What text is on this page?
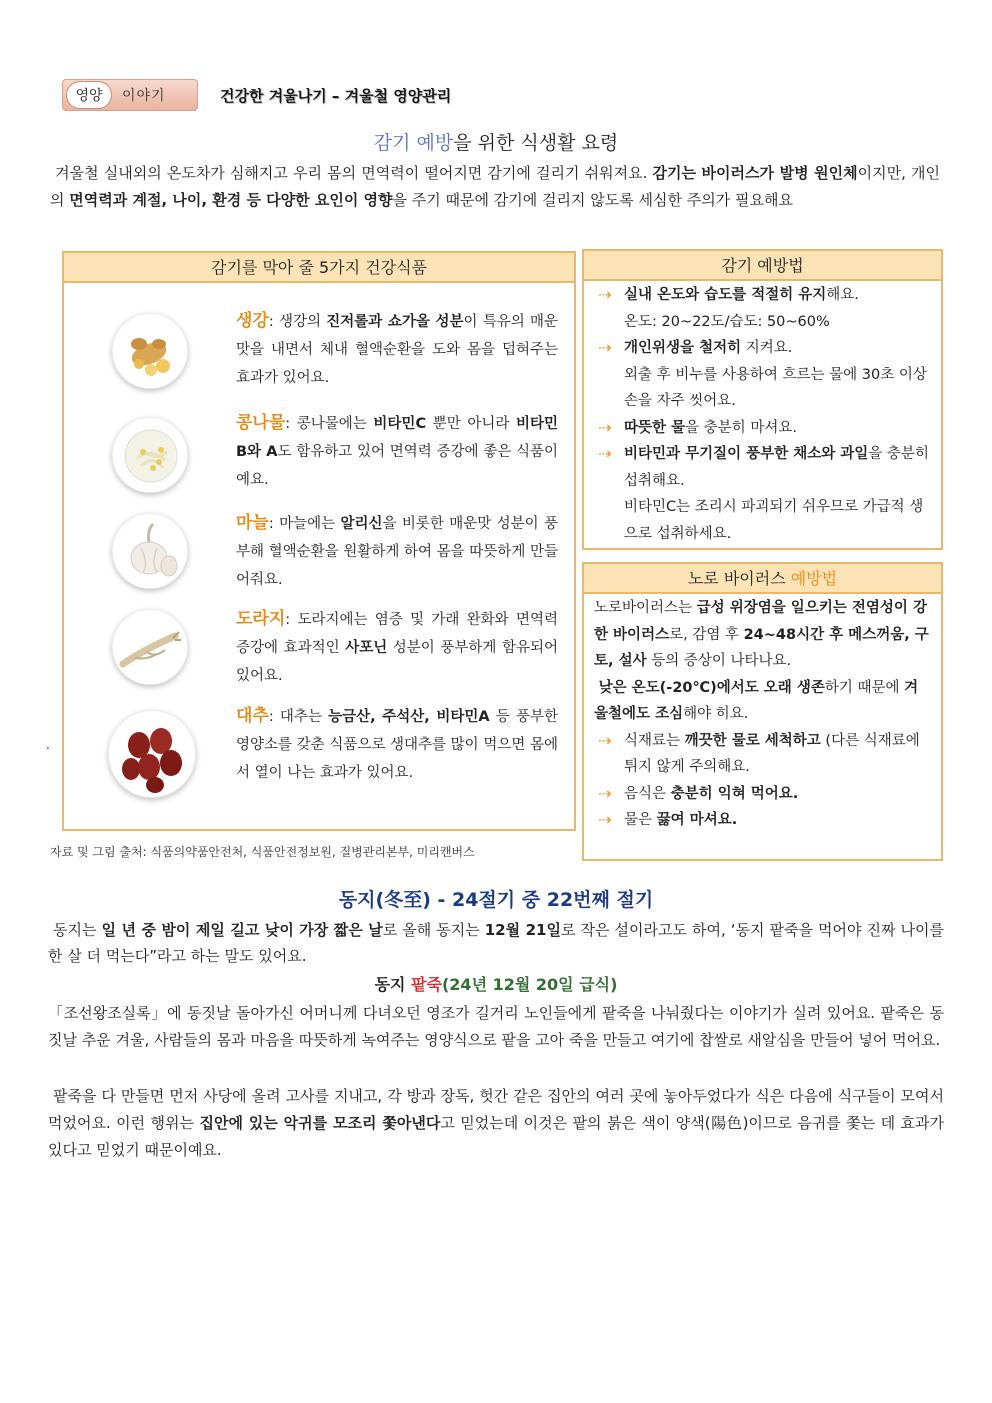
영양	이야기	건강한 겨울나기 – 겨울철 영양관리
감기 예방을 위한 식생활 요령
겨울철 실내외의 온도차가 심해지고 우리 몸의 면역력이 떨어지면 감기에 걸리기 쉬워져요. 감기는 바이러스가 발병 원인체이지만, 개인의 면역력과 계절, 나이, 환경 등 다양한 요인이 영향을 주기 때문에 감기에 걸리지 않도록 세심한 주의가 필요해요
감기를 막아 줄 5가지 건강식품
생강: 생강의 진저롤과 쇼가올 성분이 특유의 매운맛을 내면서 체내 혈액순환을 도와 몸을 덥혀주는 효과가 있어요.
콩나물: 콩나물에는 비타민C 뿐만 아니라 비타민B와 A도 함유하고 있어 면역력 증강에 좋은 식품이예요.
마늘: 마늘에는 알리신을 비롯한 매운맛 성분이 풍부해 혈액순환을 원활하게 하여 몸을 따뜻하게 만들어줘요.
도라지: 도라지에는 염증 및 가래 완화와 면역력 증강에 효과적인 사포닌 성분이 풍부하게 함유되어 있어요.
대추: 대추는 능금산, 주석산, 비타민A 등 풍부한 영양소를 갖춘 식품으로 생대추를 많이 먹으면 몸에서 열이 나는 효과가 있어요.
.
자료 및 그림 출처: 식품의약품안전처, 식품안전정보원, 질병관리본부, 미리캔버스
감기 예방법
⇢ 실내 온도와 습도를 적절히 유지해요.
온도: 20~22도/습도: 50~60%
⇢ 개인위생을 철저히 지켜요.
외출 후 비누를 사용하여 흐르는 물에 30초 이상 손을 자주 씻어요.
⇢ 따뜻한 물을 충분히 마셔요.
⇢ 비타민과 무기질이 풍부한 채소와 과일을 충분히 섭취해요.
비타민C는 조리시 파괴되기 쉬우므로 가급적 생으로 섭취하세요.
노로 바이러스 예방법
노로바이러스는 급성 위장염을 일으키는 전염성이 강한 바이러스로, 감염 후 24~48시간 후 메스꺼움, 구토, 설사 등의 증상이 나타나요.
낮은 온도(-20℃)에서도 오래 생존하기 때문에 겨울철에도 조심해야 히요.
⇢ 식재료는 깨끗한 물로 세척하고 (다른 식재료에 튀지 않게 주의해요.
⇢ 음식은 충분히 익혀 먹어요.
⇢ 물은 끓여 마셔요.
동지(冬至) - 24절기 중 22번째 절기
동지는 일 년 중 밤이 제일 길고 낮이 가장 짧은 날로 올해 동지는 12월 21일로 작은 설이라고도 하여, ‘동지 팥죽을 먹어야 진짜 나이를 한 살 더 먹는다”라고 하는 말도 있어요.
동지 팥죽(24년 12월 20일 급식)
「조선왕조실록」에 동짓날 돌아가신 어머니께 다녀오던 영조가 길거리 노인들에게 팥죽을 나눠줬다는 이야기가 실려 있어요. 팥죽은 동짓날 추운 겨울, 사람들의 몸과 마음을 따뜻하게 녹여주는 영양식으로 팥을 고아 죽을 만들고 여기에 찹쌀로 새알심을 만들어 넣어 먹어요.
팥죽을 다 만들면 먼저 사당에 올려 고사를 지내고, 각 방과 장독, 헛간 같은 집안의 여러 곳에 놓아두었다가 식은 다음에 식구들이 모여서 먹었어요. 이런 행위는 집안에 있는 악귀를 모조리 쫓아낸다고 믿었는데 이것은 팥의 붉은 색이 양색(陽色)이므로 음귀를 쫓는 데 효과가 있다고 믿었기 때문이예요.
